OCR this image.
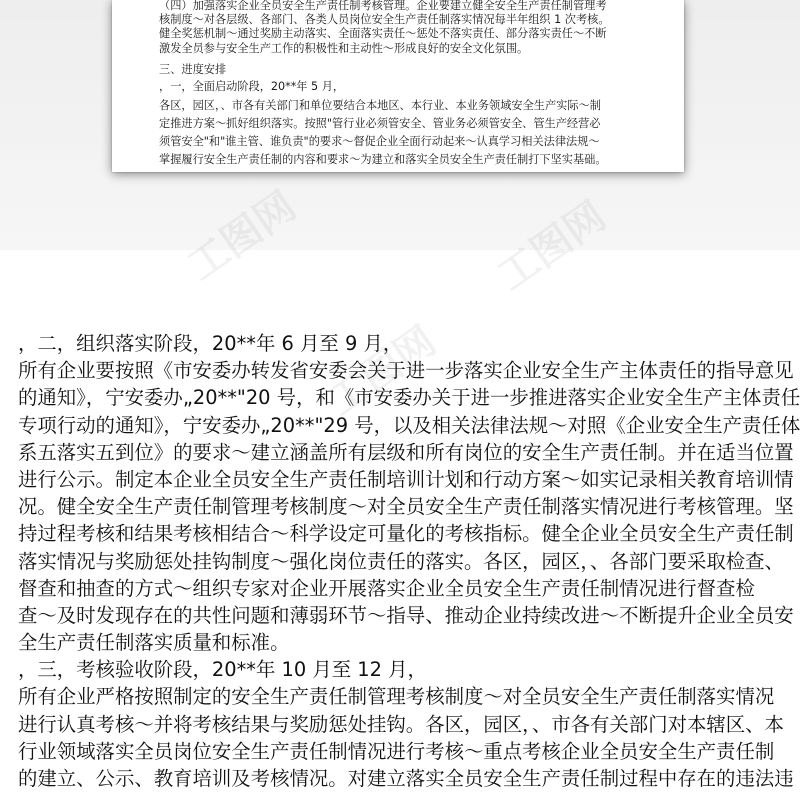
（四）加强落实企业全员安全生产责任制考核管理。企业要建立健全安全生产责任制管理考
核制度～对各层级、各部门、各类人员岗位安全生产责任制落实情况每半年组织 1 次考核。
健全奖惩机制～通过奖励主动落实、全面落实责任～惩处不落实责任、部分落实责任～不断
激发全员参与安全生产工作的积极性和主动性～形成良好的安全文化氛围。
三、进度安排
，一，全面启动阶段，20**年 5 月，
各区，园区，、市各有关部门和单位要结合本地区、本行业、本业务领域安全生产实际～制
定推进方案～抓好组织落实。按照"管行业必须管安全、管业务必须管安全、管生产经营必
须管安全"和"谁主管、谁负责"的要求～督促企业全面行动起来～认真学习相关法律法规～
掌握履行安全生产责任制的内容和要求～为建立和落实全员安全生产责任制打下坚实基础。
工图网
，二，组织落实阶段，20**年 6 月至 9 月，
所有企业要按照《市安委办转发省安委会关于进一步落实企业安全生产主体责任的指导意见
的通知》，宁安委办„20**"20 号，和《市安委办关于进一步推进落实企业安全生产主体责任
专项行动的通知》，宁安委办„20**"29 号，以及相关法律法规～对照《企业安全生产责任体
系五落实五到位》的要求～建立涵盖所有层级和所有岗位的安全生产责任制。并在适当位置
进行公示。制定本企业全员安全生产责任制培训计划和行动方案～如实记录相关教育培训情
况。健全安全生产责任制管理考核制度～对全员安全生产责任制落实情况进行考核管理。坚
持过程考核和结果考核相结合～科学设定可量化的考核指标。健全企业全员安全生产责任制
落实情况与奖励惩处挂钩制度～强化岗位责任的落实。各区，园区，、各部门要采取检查、
督查和抽查的方式～组织专家对企业开展落实企业全员安全生产责任制情况进行督查检
查～及时发现存在的共性问题和薄弱环节～指导、推动企业持续改进～不断提升企业全员安
全生产责任制落实质量和标准。
，三，考核验收阶段，20**年 10 月至 12 月，
所有企业严格按照制定的安全生产责任制管理考核制度～对全员安全生产责任制落实情况
进行认真考核～并将考核结果与奖励惩处挂钩。各区，园区，、市各有关部门对本辖区、本
行业领域落实全员岗位安全生产责任制情况进行考核～重点考核企业全员安全生产责任制
的建立、公示、教育培训及考核情况。对建立落实全员安全生产责任制过程中存在的违法违
